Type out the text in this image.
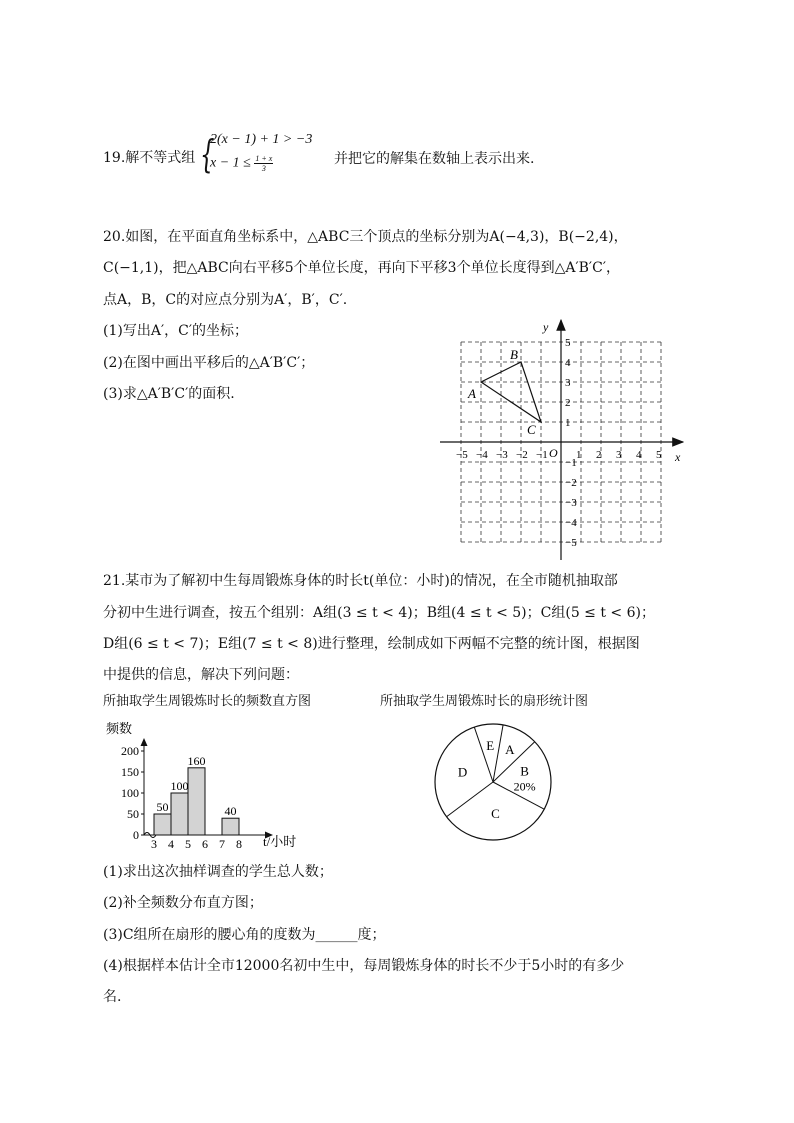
19.解不等式组 {
2(x − 1) + 1 > −3
$x - 1 \le \frac{1 + x}{3}$	并把它的解集在数轴上表示出来.
20.如图，在平面直角坐标系中，△ABC三个顶点的坐标分别为A(−4,3)，B(−2,4)，
C(−1,1)，把△ABC向右平移5个单位长度，再向下平移3个单位长度得到△A′B′C′，
点A，B，C的对应点分别为A′，B′，C′.
(1)写出A′，C′的坐标；
(2)在图中画出平移后的△A′B′C′；
(3)求△A′B′C′的面积.
x
y
O
−5 −4 −3 −2 −1	1 2 3 4 5
5
4
3
2
1
−1
−2
−3
−4
−5
A
B
C
21.某市为了解初中生每周锻炼身体的时长t(单位：小时)的情况，在全市随机抽取部
分初中生进行调查，按五个组别：A组(3 ≤ t < 4)；B组(4 ≤ t < 5)；C组(5 ≤ t < 6)；
D组(6 ≤ t < 7)；E组(7 ≤ t < 8)进行整理，绘制成如下两幅不完整的统计图，根据图
中提供的信息，解决下列问题：
所抽取学生周锻炼时长的频数直方图	所抽取学生周锻炼时长的扇形统计图
频数
t/小时
0
50
100
150
200
3 4 5 6 7 8
50
100
160
40
A
B
20%
C
D
E
(1)求出这次抽样调查的学生总人数；
(2)补全频数分布直方图；
(3)C组所在扇形的腰心角的度数为______度；
(4)根据样本估计全市12000名初中生中，每周锻炼身体的时长不少于5小时的有多少
名.
